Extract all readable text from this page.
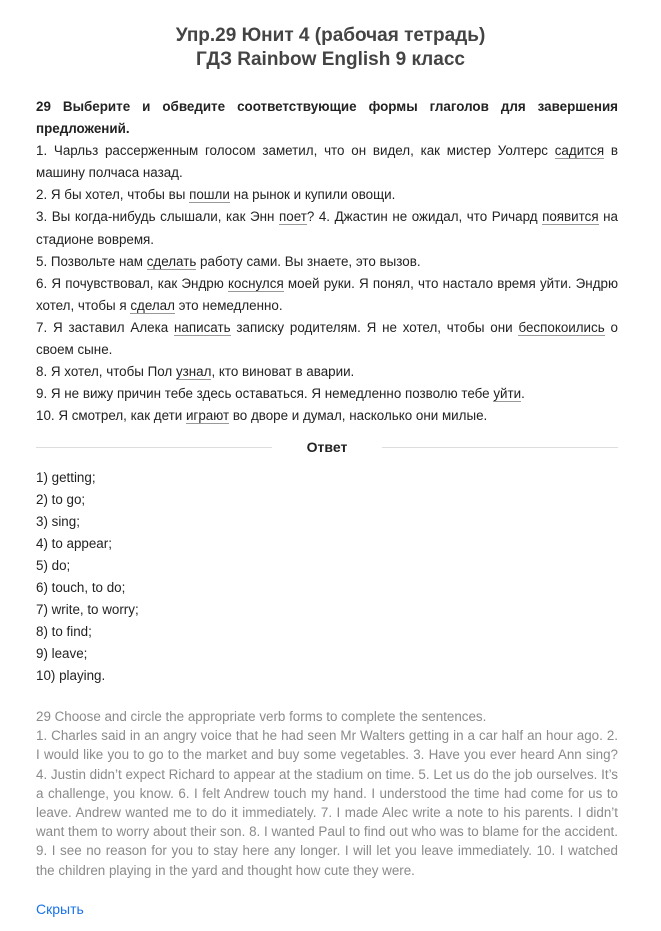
Упр.29 Юнит 4 (рабочая тетрадь)
ГДЗ Rainbow English 9 класс

29 Выберите и обведите соответствующие формы глаголов для завершения предложений.

1. Чарльз рассерженным голосом заметил, что он видел, как мистер Уолтерс садится в машину полчаса назад.

2. Я бы хотел, чтобы вы пошли на рынок и купили овощи.

3. Вы когда-нибудь слышали, как Энн поет? 4. Джастин не ожидал, что Ричард появится на стадионе вовремя.

5. Позвольте нам сделать работу сами. Вы знаете, это вызов.

6. Я почувствовал, как Эндрю коснулся моей руки. Я понял, что настало время уйти. Эндрю хотел, чтобы я сделал это немедленно.

7. Я заставил Алека написать записку родителям. Я не хотел, чтобы они беспокоились о своем сыне.

8. Я хотел, чтобы Пол узнал, кто виноват в аварии.

9. Я не вижу причин тебе здесь оставаться. Я немедленно позволю тебе уйти.

10. Я смотрел, как дети играют во дворе и думал, насколько они милые.

Ответ
1) getting;
2) to go;
3) sing;
4) to appear;
5) do;
6) touch, to do;
7) write, to worry;
8) to find;
9) leave;
10) playing.

29 Choose and circle the appropriate verb forms to complete the sentences.

1. Charles said in an angry voice that he had seen Mr Walters getting in a car half an hour ago. 2. I would like you to go to the market and buy some vegetables. 3. Have you ever heard Ann sing? 4. Justin didn’t expect Richard to appear at the stadium on time. 5. Let us do the job ourselves. It’s a challenge, you know. 6. I felt Andrew touch my hand. I understood the time had come for us to leave. Andrew wanted me to do it immediately. 7. I made Alec write a note to his parents. I didn’t want them to worry about their son. 8. I wanted Paul to find out who was to blame for the accident. 9. I see no reason for you to stay here any longer. I will let you leave immediately. 10. I watched the children playing in the yard and thought how cute they were.

Скрыть
